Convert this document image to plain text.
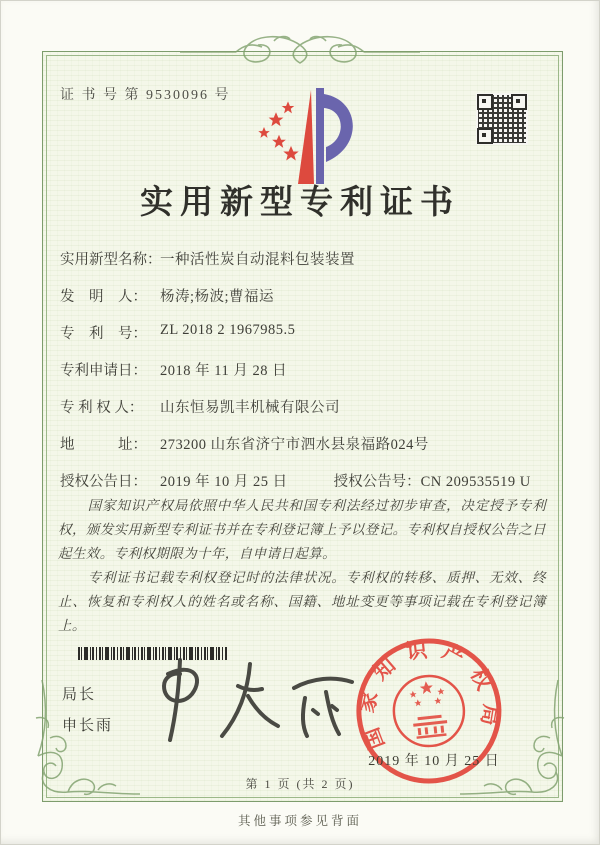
证 书 号 第 9530096 号
实用新型专利证书
实用新型名称：一种活性炭自动混料包装装置
发　明　人： 杨涛;杨波;曹福运
专　利　号： ZL 2018 2 1967985.5
专利申请日： 2018 年 11 月 28 日
专 利 权 人： 山东恒易凯丰机械有限公司
地　　　址： 273200 山东省济宁市泗水县泉福路024号
授权公告日： 2019 年 10 月 25 日	授权公告号：CN 209535519 U

国家知识产权局依照中华人民共和国专利法经过初步审查，决定授予专利权，颁发实用新型专利证书并在专利登记簿上予以登记。专利权自授权公告之日起生效。专利权期限为十年，自申请日起算。

专利证书记载专利权登记时的法律状况。专利权的转移、质押、无效、终止、恢复和专利权人的姓名或名称、国籍、地址变更等事项记载在专利登记簿上。

局长
申长雨	国家知识产权局
2019 年 10 月 25 日
第 1 页 (共 2 页)
其他事项参见背面
